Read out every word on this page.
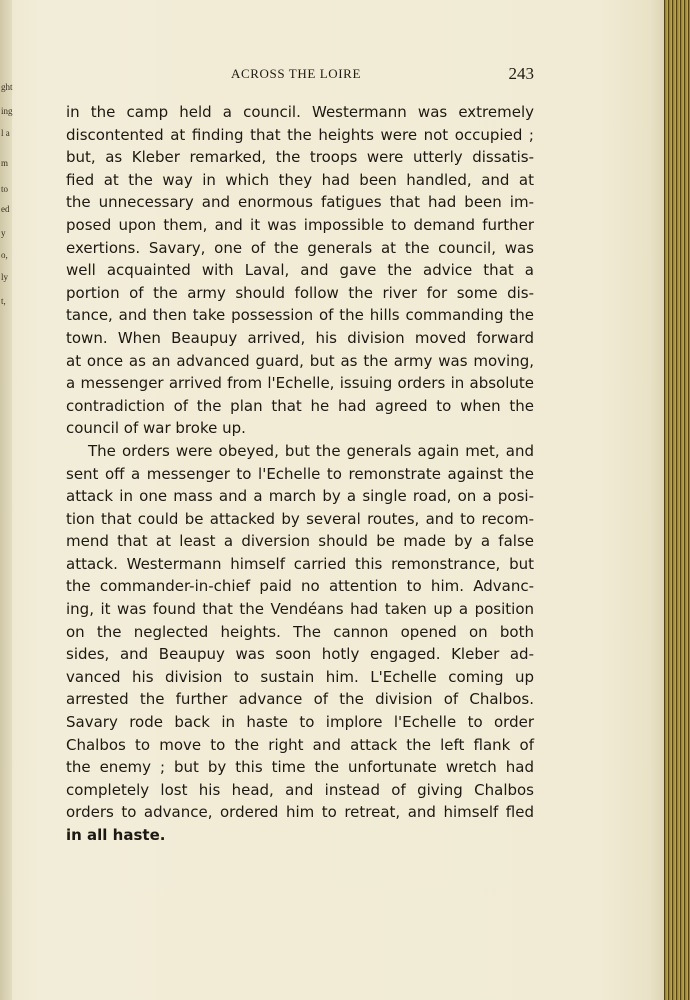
ght
ing
l a
m
to
ed
y
o,
ly
t,
ACROSS THE LOIRE	243
in the camp held a council. Westermann was extremely
discontented at finding that the heights were not occupied ;
but, as Kleber remarked, the troops were utterly dissatis-
fied at the way in which they had been handled, and at
the unnecessary and enormous fatigues that had been im-
posed upon them, and it was impossible to demand further
exertions. Savary, one of the generals at the council, was
well acquainted with Laval, and gave the advice that a
portion of the army should follow the river for some dis-
tance, and then take possession of the hills commanding the
town. When Beaupuy arrived, his division moved forward
at once as an advanced guard, but as the army was moving,
a messenger arrived from l'Echelle, issuing orders in absolute
contradiction of the plan that he had agreed to when the
council of war broke up.
The orders were obeyed, but the generals again met, and
sent off a messenger to l'Echelle to remonstrate against the
attack in one mass and a march by a single road, on a posi-
tion that could be attacked by several routes, and to recom-
mend that at least a diversion should be made by a false
attack. Westermann himself carried this remonstrance, but
the commander-in-chief paid no attention to him. Advanc-
ing, it was found that the Vendéans had taken up a position
on the neglected heights. The cannon opened on both
sides, and Beaupuy was soon hotly engaged. Kleber ad-
vanced his division to sustain him. L'Echelle coming up
arrested the further advance of the division of Chalbos.
Savary rode back in haste to implore l'Echelle to order
Chalbos to move to the right and attack the left flank of
the enemy ; but by this time the unfortunate wretch had
completely lost his head, and instead of giving Chalbos
orders to advance, ordered him to retreat, and himself fled
in all haste.
